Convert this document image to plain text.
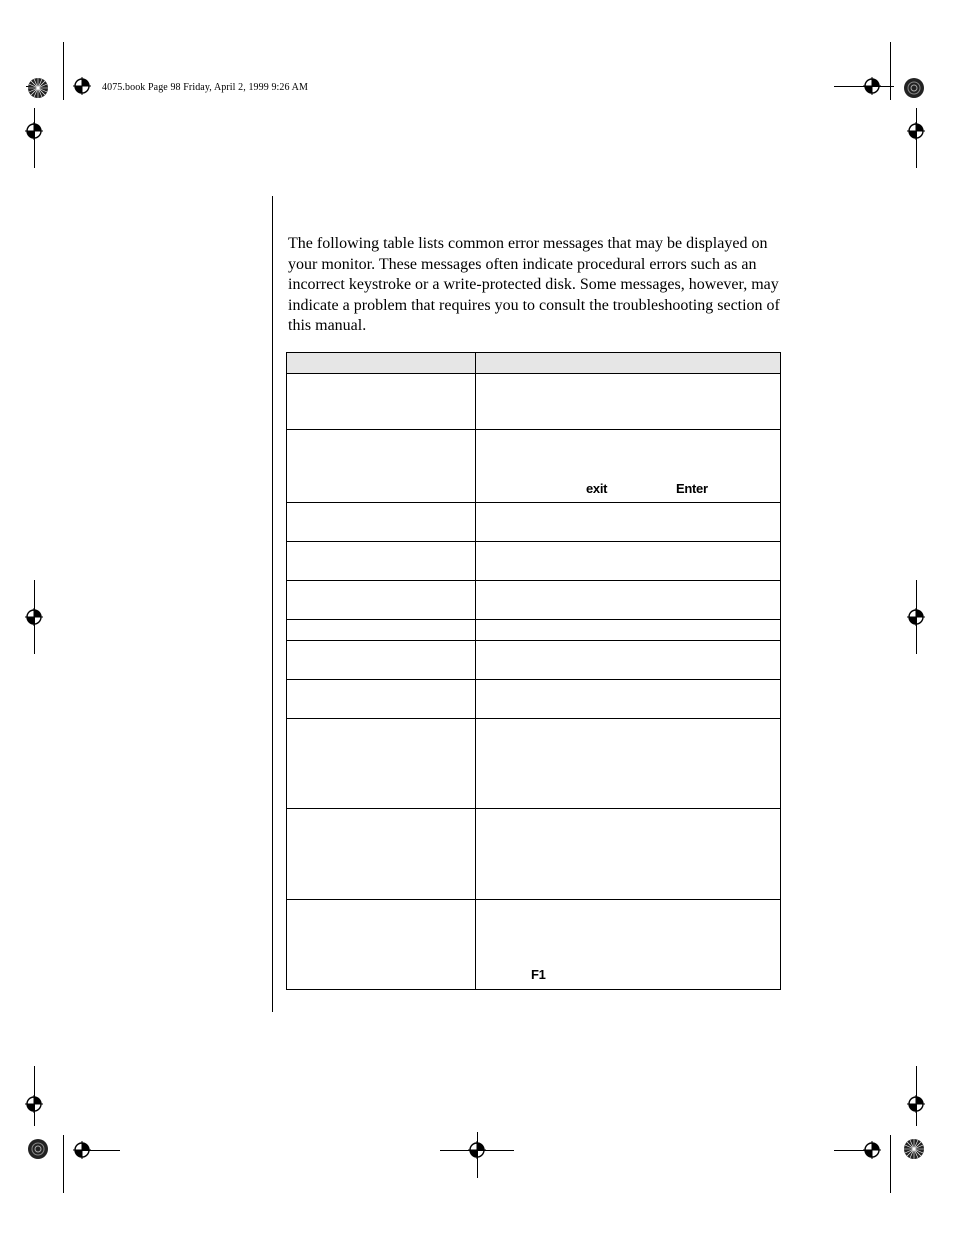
4075.book Page 98 Friday, April 2, 1999 9:26 AM

The following table lists common error messages that may be displayed on your monitor. These messages often indicate procedural errors such as an incorrect keystroke or a write-protected disk. Some messages, however, may indicate a problem that requires you to consult the troubleshooting section of this manual.

	exit Enter

	F1
